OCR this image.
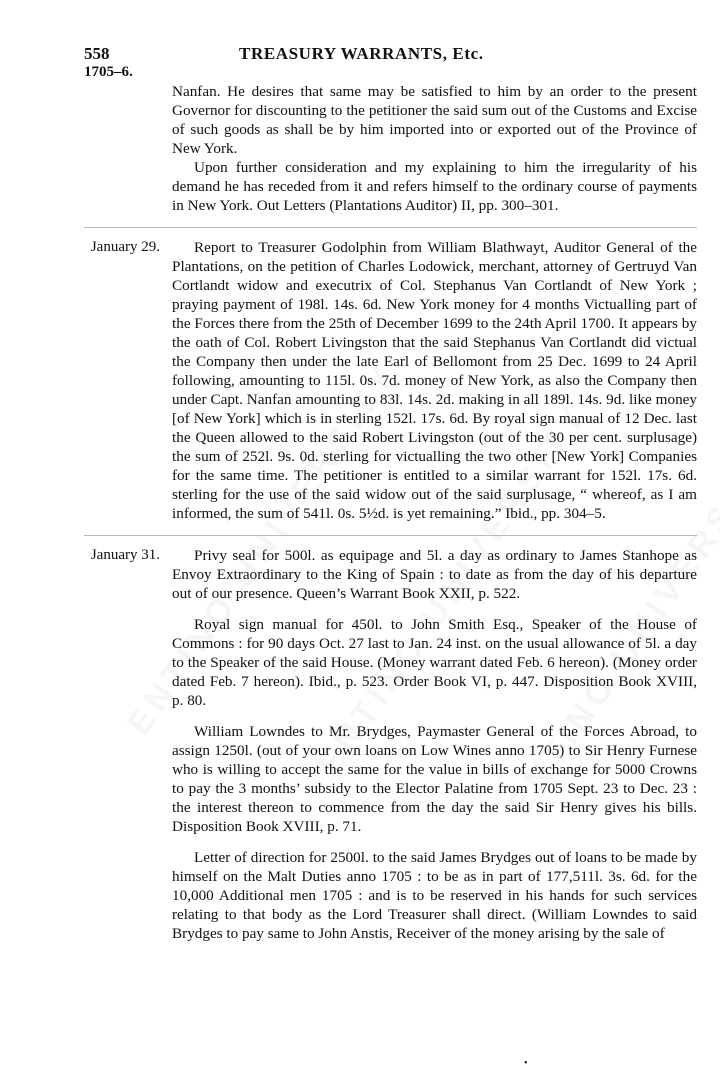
558	TREASURY WARRANTS, Etc.
1705–6.

Nanfan. He desires that same may be satisfied to him by an order to the present Governor for discounting to the petitioner the said sum out of the Customs and Excise of such goods as shall be by him imported into or exported out of the Province of New York.

Upon further consideration and my explaining to him the irregularity of his demand he has receded from it and refers himself to the ordinary course of payments in New York. Out Letters (Plantations Auditor) II, pp. 300–301.

January 29.	Report to Treasurer Godolphin from William Blathwayt, Auditor General of the Plantations, on the petition of Charles Lodowick, merchant, attorney of Gertruyd Van Cortlandt widow and executrix of Col. Stephanus Van Cortlandt of New York ; praying payment of 198l. 14s. 6d. New York money for 4 months Victualling part of the Forces there from the 25th of December 1699 to the 24th April 1700. It appears by the oath of Col. Robert Livingston that the said Stephanus Van Cortlandt did victual the Company then under the late Earl of Bellomont from 25 Dec. 1699 to 24 April following, amounting to 115l. 0s. 7d. money of New York, as also the Company then under Capt. Nanfan amounting to 83l. 14s. 2d. making in all 189l. 14s. 9d. like money [of New York] which is in sterling 152l. 17s. 6d. By royal sign manual of 12 Dec. last the Queen allowed to the said Robert Livingston (out of the 30 per cent. surplusage) the sum of 252l. 9s. 0d. sterling for victualling the two other [New York] Companies for the same time. The petitioner is entitled to a similar warrant for 152l. 17s. 6d. sterling for the use of the said widow out of the said surplusage, “ whereof, as I am informed, the sum of 541l. 0s. 5½d. is yet remaining.” Ibid., pp. 304–5.

January 31.	Privy seal for 500l. as equipage and 5l. a day as ordinary to James Stanhope as Envoy Extraordinary to the King of Spain : to date as from the day of his departure out of our presence. Queen’s Warrant Book XXII, p. 522.

Royal sign manual for 450l. to John Smith Esq., Speaker of the House of Commons : for 90 days Oct. 27 last to Jan. 24 inst. on the usual allowance of 5l. a day to the Speaker of the said House. (Money warrant dated Feb. 6 hereon). (Money order dated Feb. 7 hereon). Ibid., p. 523. Order Book VI, p. 447. Disposition Book XVIII, p. 80.

William Lowndes to Mr. Brydges, Paymaster General of the Forces Abroad, to assign 1250l. (out of your own loans on Low Wines anno 1705) to Sir Henry Furnese who is willing to accept the same for the value in bills of exchange for 5000 Crowns to pay the 3 months’ subsidy to the Elector Palatine from 1705 Sept. 23 to Dec. 23 : the interest thereon to commence from the day the said Sir Henry gives his bills. Disposition Book XVIII, p. 71.

Letter of direction for 2500l. to the said James Brydges out of loans to be made by himself on the Malt Duties anno 1705 : to be as in part of 177,511l. 3s. 6d. for the 10,000 Additional men 1705 : and is to be reserved in his hands for such services relating to that body as the Lord Treasurer shall direct. (William Lowndes to said Brydges to pay same to John Anstis, Receiver of the money arising by the sale of

•
